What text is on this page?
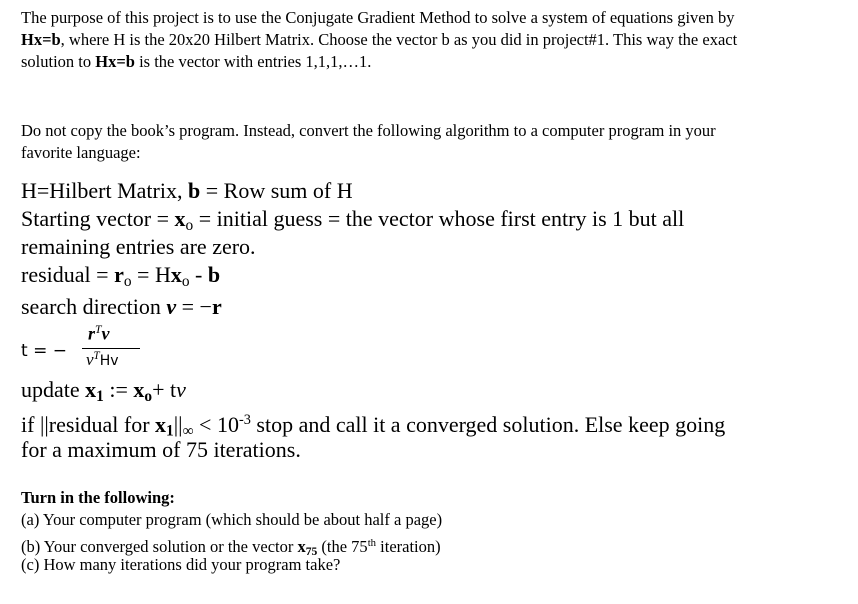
The purpose of this project is to use the Conjugate Gradient Method to solve a system of equations given by
Hx=b, where H is the 20x20 Hilbert Matrix. Choose the vector b as you did in project#1. This way the exact
solution to Hx=b is the vector with entries 1,1,1,…1.
Do not copy the book’s program. Instead, convert the following algorithm to a computer program in your
favorite language:
H=Hilbert Matrix, b = Row sum of H
Starting vector = $x_o$ = initial guess = the vector whose first entry is 1 but all
remaining entries are zero.
residual = $r_o = Hx_o - b$
search direction v = −r
t = −
$r^Tv$
$v^THv$
update $x_1$ := $x_o+$ tv
if ||residual for $x_1||_\infty < 10^{-3}$ stop and call it a converged solution. Else keep going
for a maximum of 75 iterations.
Turn in the following:
(a) Your computer program (which should be about half a page)
(b) Your converged solution or the vector $x_{75}$ (the 75th iteration)
(c) How many iterations did your program take?
